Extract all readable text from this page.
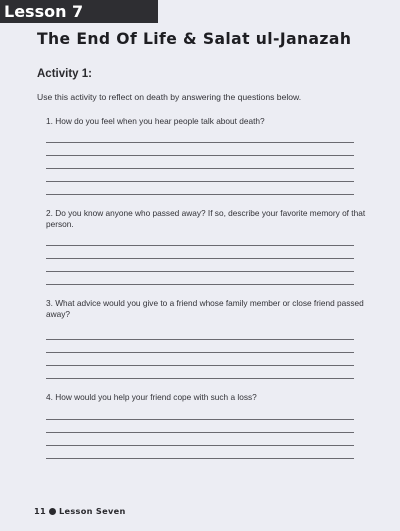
Lesson 7
The End Of Life & Salat ul-Janazah
Activity 1:

Use this activity to reflect on death by answering the questions below.

1. How do you feel when you hear people talk about death?

2. Do you know anyone who passed away? If so, describe your favorite memory of that person.

3. What advice would you give to a friend whose family member or close friend passed away?

4. How would you help your friend cope with such a loss?

11 Lesson Seven
